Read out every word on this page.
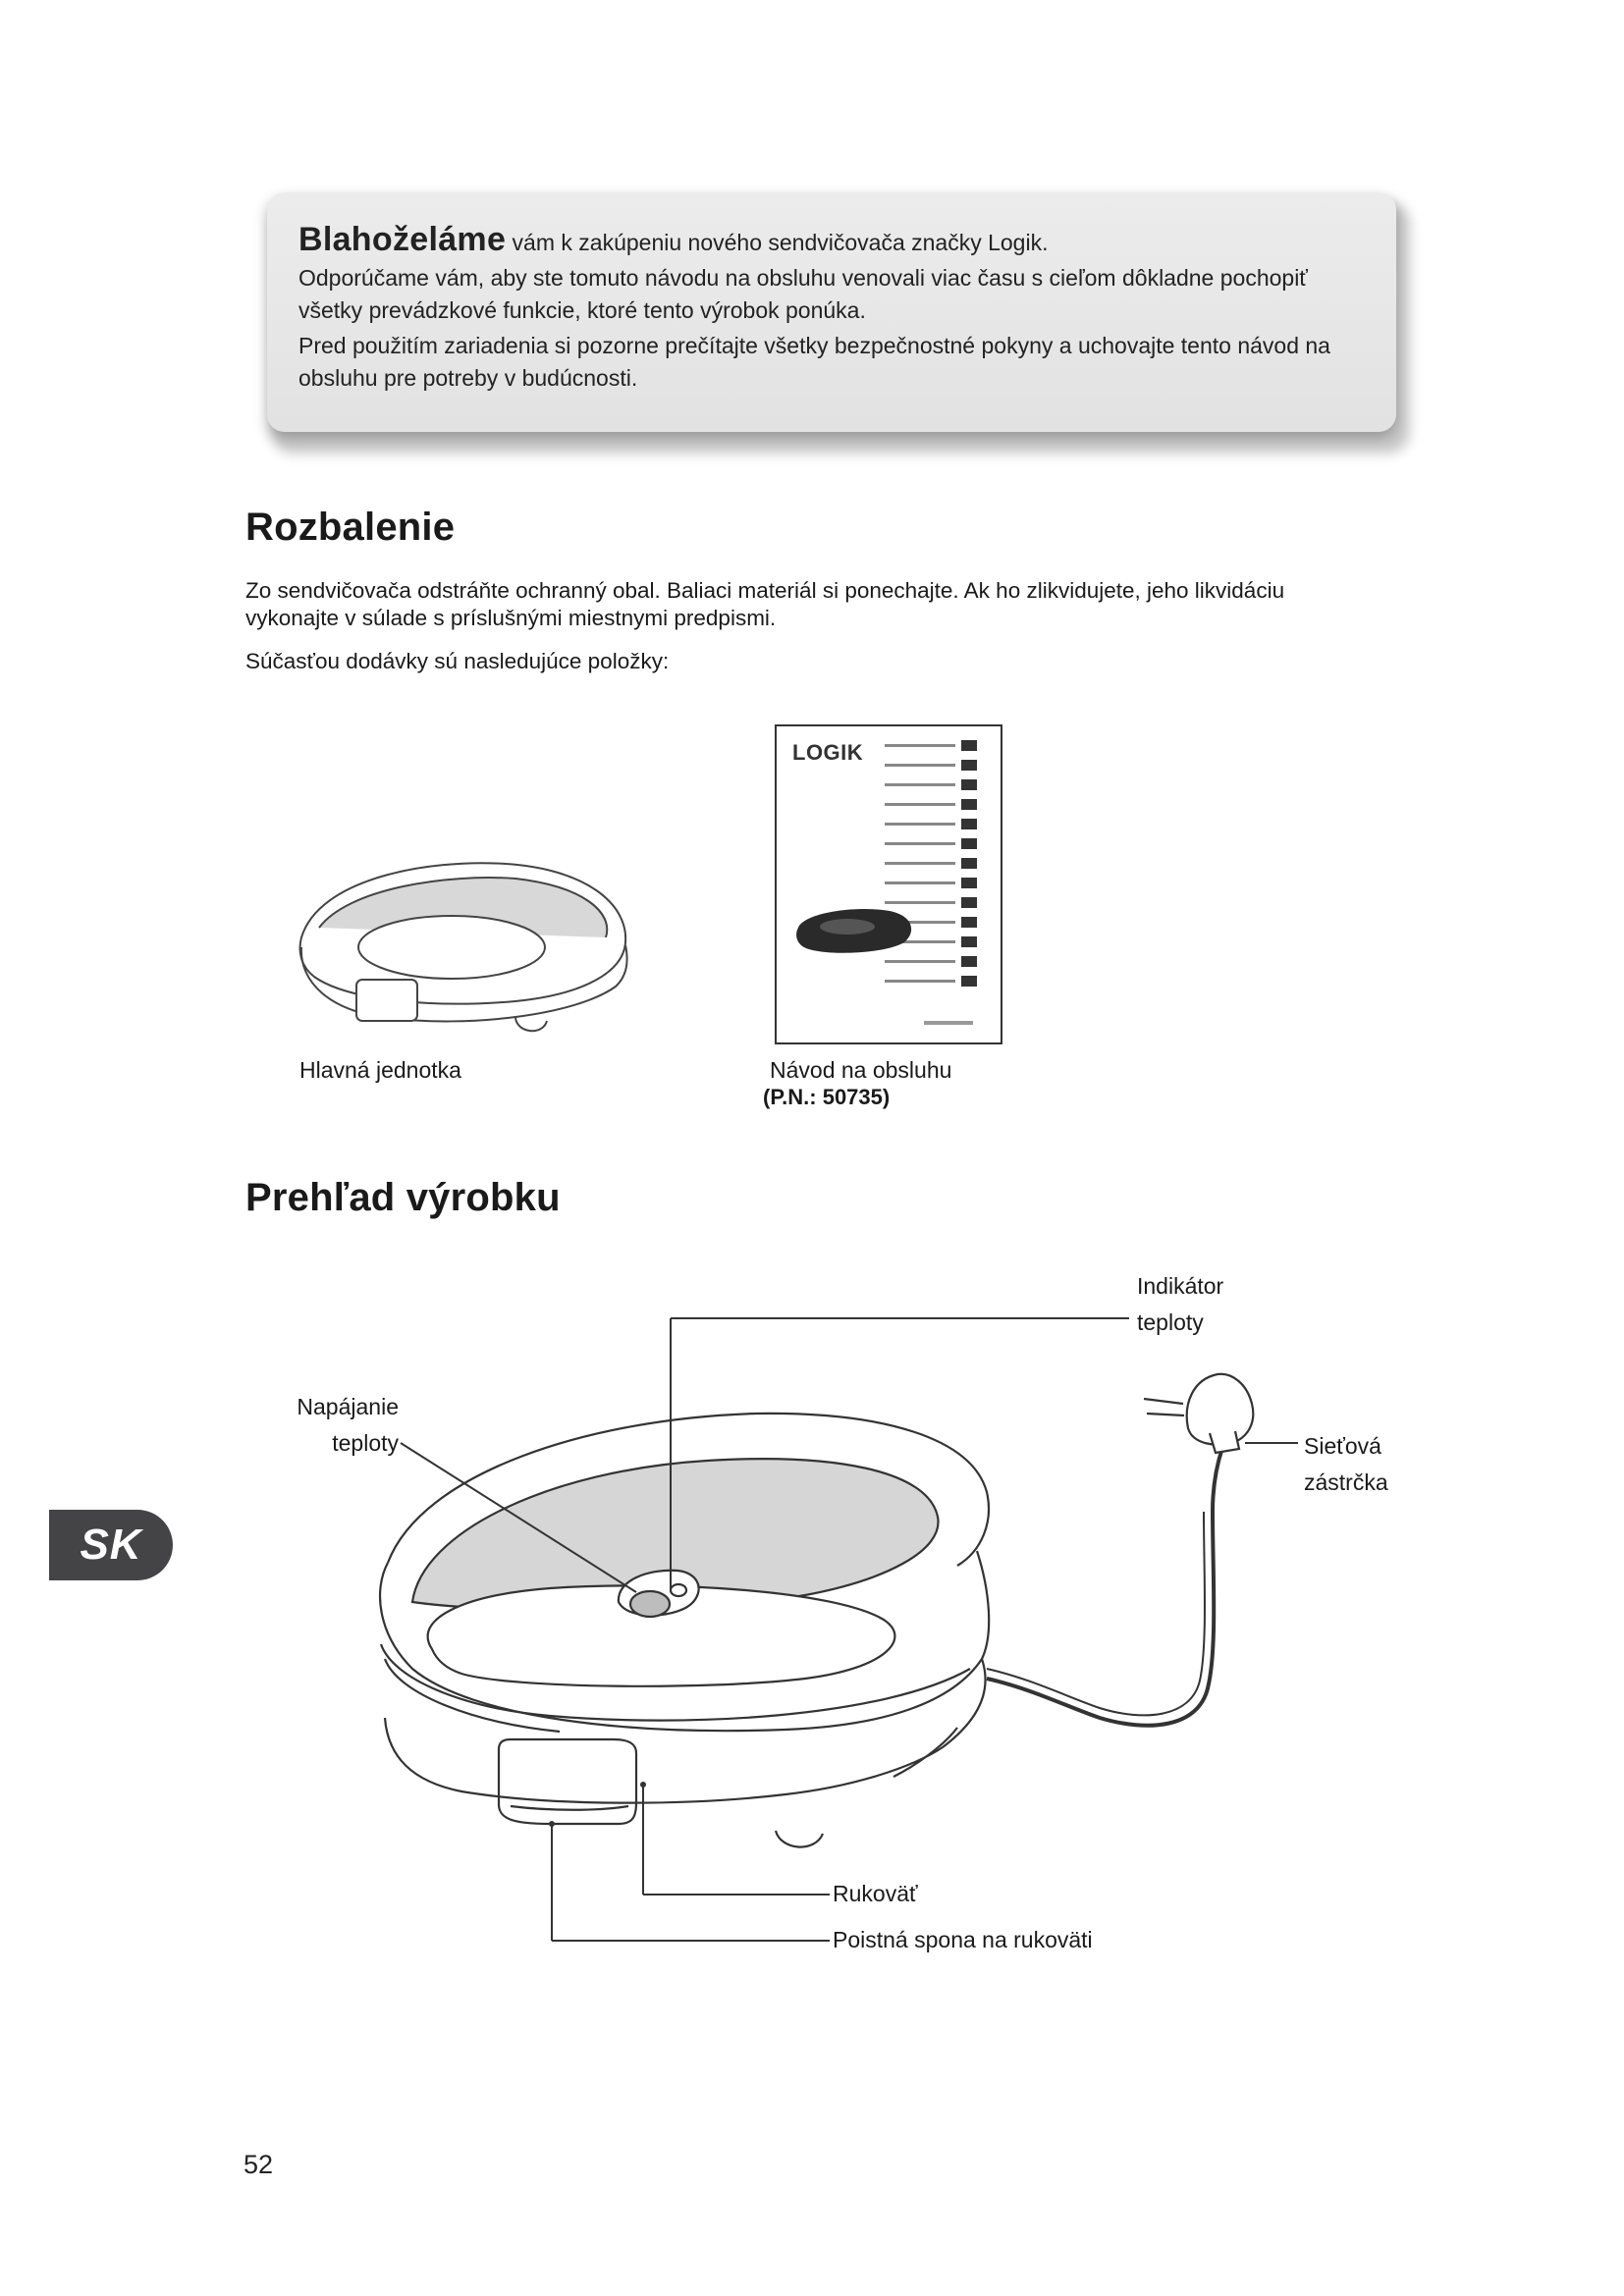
Blahoželáme vám k zakúpeniu nového sendvičovača značky Logik.

Odporúčame vám, aby ste tomuto návodu na obsluhu venovali viac času s cieľom dôkladne pochopiť všetky prevádzkové funkcie, ktoré tento výrobok ponúka.

Pred použitím zariadenia si pozorne prečítajte všetky bezpečnostné pokyny a uchovajte tento návod na obsluhu pre potreby v budúcnosti.

Rozbalenie
Zo sendvičovača odstráňte ochranný obal. Baliaci materiál si ponechajte. Ak ho zlikvidujete, jeho likvidáciu
vykonajte v súlade s príslušnými miestnymi predpismi.
Súčasťou dodávky sú nasledujúce položky:
Hlavná jednotka
LOGIK
Návod na obsluhu
(P.N.: 50735)
Prehľad výrobku
Indikátor
teploty
Napájanie
teploty	Sieťová
zástrčka
Rukoväť
Poistná spona na rukoväti
SK
52
